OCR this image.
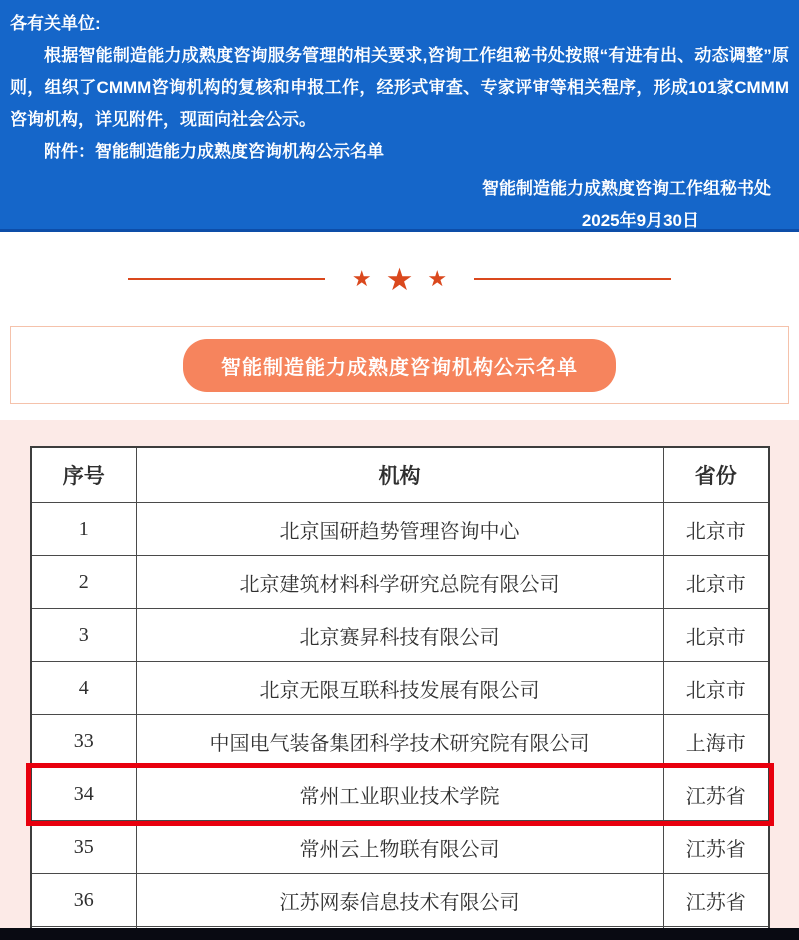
各有关单位:

根据智能制造能力成熟度咨询服务管理的相关要求,咨询工作组秘书处按照“有进有出、动态调整”原则，组织了CMMM咨询机构的复核和申报工作，经形式审查、专家评审等相关程序，形成101家CMMM咨询机构，详见附件，现面向社会公示。

附件：智能制造能力成熟度咨询机构公示名单
智能制造能力成熟度咨询工作组秘书处
2025年9月30日
★ ★ ★
智能制造能力成熟度咨询机构公示名单
序号	机构	省份
1	北京国研趋势管理咨询中心	北京市
2	北京建筑材料科学研究总院有限公司	北京市
3	北京赛昇科技有限公司	北京市
4	北京无限互联科技发展有限公司	北京市
33	中国电气装备集团科学技术研究院有限公司	上海市
34	常州工业职业技术学院	江苏省
35	常州云上物联有限公司	江苏省
36	江苏网泰信息技术有限公司	江苏省
